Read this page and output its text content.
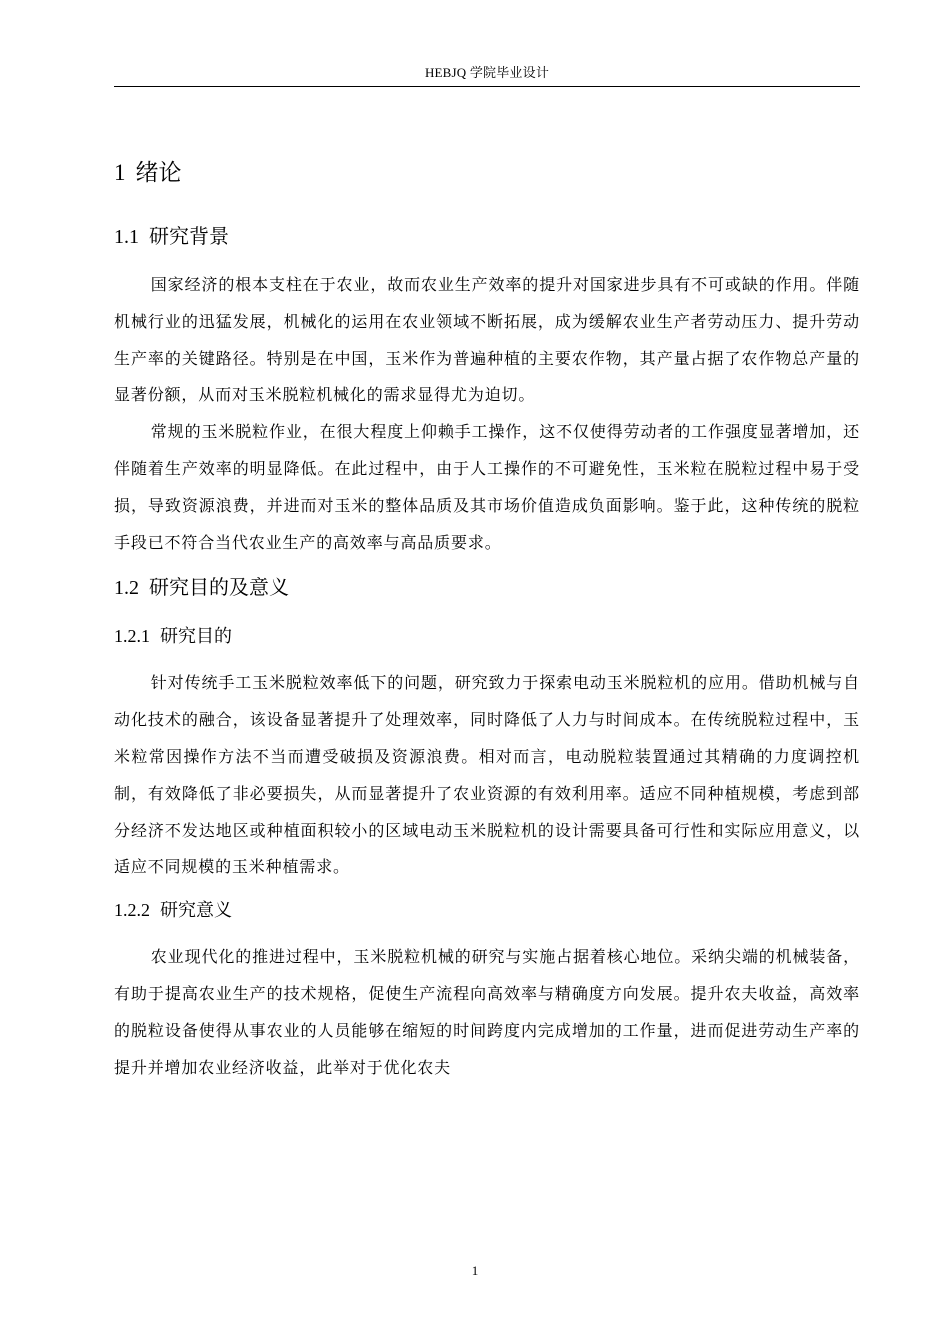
HEBJQ 学院毕业设计
1 绪论
1.1 研究背景

国家经济的根本支柱在于农业，故而农业生产效率的提升对国家进步具有不可或缺的作用。伴随机械行业的迅猛发展，机械化的运用在农业领域不断拓展，成为缓解农业生产者劳动压力、提升劳动生产率的关键路径。特别是在中国，玉米作为普遍种植的主要农作物，其产量占据了农作物总产量的显著份额，从而对玉米脱粒机械化的需求显得尤为迫切。

常规的玉米脱粒作业，在很大程度上仰赖手工操作，这不仅使得劳动者的工作强度显著增加，还伴随着生产效率的明显降低。在此过程中，由于人工操作的不可避免性，玉米粒在脱粒过程中易于受损，导致资源浪费，并进而对玉米的整体品质及其市场价值造成负面影响。鉴于此，这种传统的脱粒手段已不符合当代农业生产的高效率与高品质要求。

1.2 研究目的及意义
1.2.1 研究目的

针对传统手工玉米脱粒效率低下的问题，研究致力于探索电动玉米脱粒机的应用。借助机械与自动化技术的融合，该设备显著提升了处理效率，同时降低了人力与时间成本。在传统脱粒过程中，玉米粒常因操作方法不当而遭受破损及资源浪费。相对而言，电动脱粒装置通过其精确的力度调控机制，有效降低了非必要损失，从而显著提升了农业资源的有效利用率。适应不同种植规模，考虑到部分经济不发达地区或种植面积较小的区域电动玉米脱粒机的设计需要具备可行性和实际应用意义，以适应不同规模的玉米种植需求。

1.2.2 研究意义

农业现代化的推进过程中，玉米脱粒机械的研究与实施占据着核心地位。采纳尖端的机械装备，有助于提高农业生产的技术规格，促使生产流程向高效率与精确度方向发展。提升农夫收益，高效率的脱粒设备使得从事农业的人员能够在缩短的时间跨度内完成增加的工作量，进而促进劳动生产率的提升并增加农业经济收益，此举对于优化农夫

1
